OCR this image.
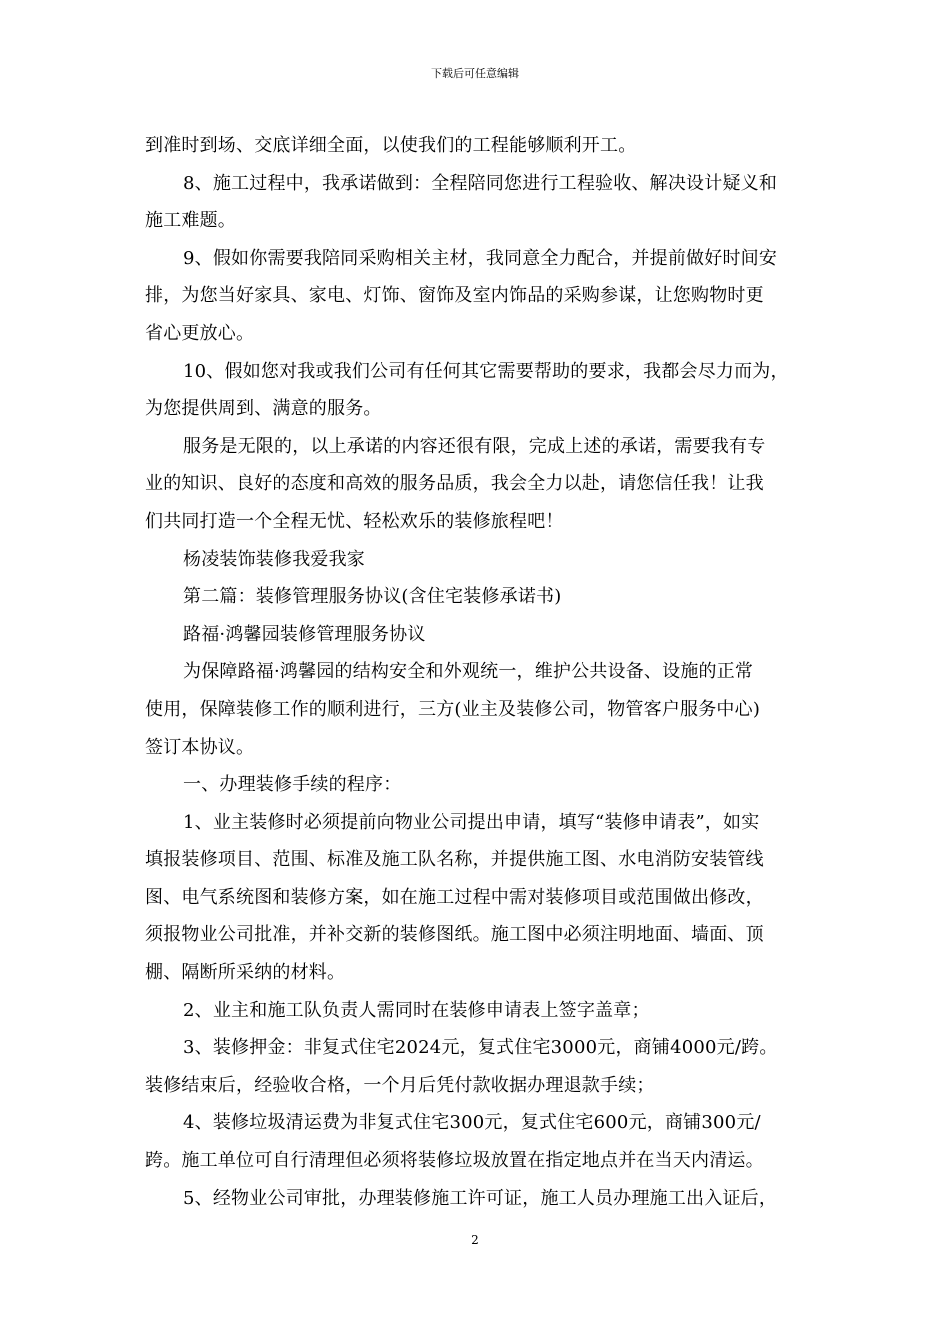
下载后可任意编辑
到准时到场、交底详细全面，以使我们的工程能够顺利开工。
8、施工过程中，我承诺做到：全程陪同您进行工程验收、解决设计疑义和
施工难题。
9、假如你需要我陪同采购相关主材，我同意全力配合，并提前做好时间安
排，为您当好家具、家电、灯饰、窗饰及室内饰品的采购参谋，让您购物时更
省心更放心。
10、假如您对我或我们公司有任何其它需要帮助的要求，我都会尽力而为，
为您提供周到、满意的服务。
服务是无限的，以上承诺的内容还很有限，完成上述的承诺，需要我有专
业的知识、良好的态度和高效的服务品质，我会全力以赴，请您信任我！让我
们共同打造一个全程无忧、轻松欢乐的装修旅程吧！
杨凌装饰装修我爱我家
第二篇：装修管理服务协议(含住宅装修承诺书)
路福·鸿馨园装修管理服务协议
为保障路福·鸿馨园的结构安全和外观统一，维护公共设备、设施的正常
使用，保障装修工作的顺利进行，三方(业主及装修公司，物管客户服务中心)
签订本协议。
一、办理装修手续的程序：
1、业主装修时必须提前向物业公司提出申请，填写“装修申请表”，如实
填报装修项目、范围、标准及施工队名称，并提供施工图、水电消防安装管线
图、电气系统图和装修方案，如在施工过程中需对装修项目或范围做出修改，
须报物业公司批准，并补交新的装修图纸。施工图中必须注明地面、墙面、顶
棚、隔断所采纳的材料。
2、业主和施工队负责人需同时在装修申请表上签字盖章；
3、装修押金：非复式住宅2024元，复式住宅3000元，商铺4000元/跨。
装修结束后，经验收合格，一个月后凭付款收据办理退款手续；
4、装修垃圾清运费为非复式住宅300元，复式住宅600元，商铺300元/
跨。施工单位可自行清理但必须将装修垃圾放置在指定地点并在当天内清运。
5、经物业公司审批，办理装修施工许可证，施工人员办理施工出入证后，
2
